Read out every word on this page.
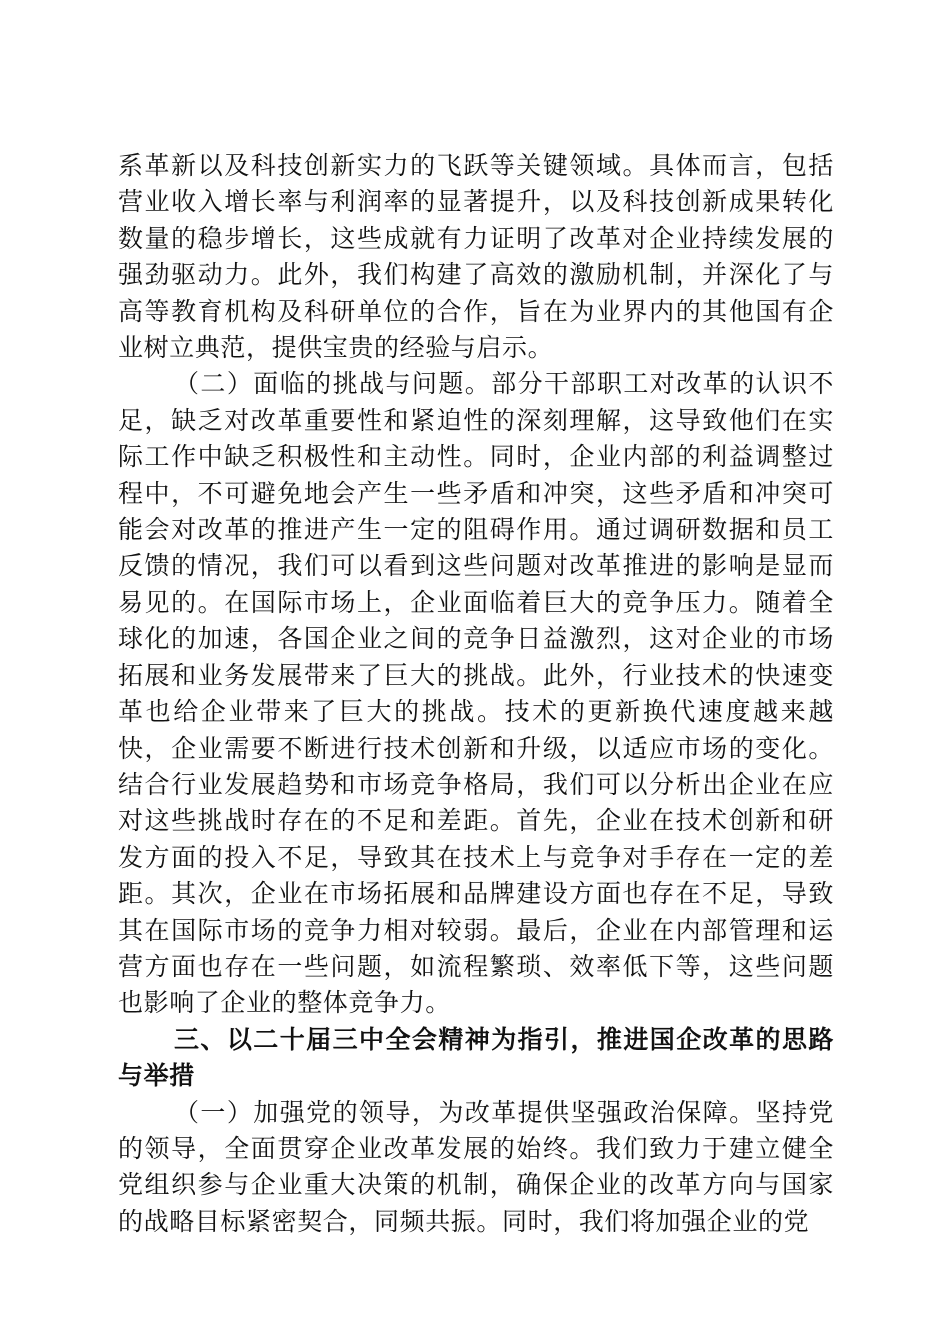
系革新以及科技创新实力的飞跃等关键领域。具体而言，包括营业收入增长率与利润率的显著提升，以及科技创新成果转化数量的稳步增长，这些成就有力证明了改革对企业持续发展的强劲驱动力。此外，我们构建了高效的激励机制，并深化了与高等教育机构及科研单位的合作，旨在为业界内的其他国有企业树立典范，提供宝贵的经验与启示。

（二）面临的挑战与问题。部分干部职工对改革的认识不足，缺乏对改革重要性和紧迫性的深刻理解，这导致他们在实际工作中缺乏积极性和主动性。同时，企业内部的利益调整过程中，不可避免地会产生一些矛盾和冲突，这些矛盾和冲突可能会对改革的推进产生一定的阻碍作用。通过调研数据和员工反馈的情况，我们可以看到这些问题对改革推进的影响是显而易见的。在国际市场上，企业面临着巨大的竞争压力。随着全球化的加速，各国企业之间的竞争日益激烈，这对企业的市场拓展和业务发展带来了巨大的挑战。此外，行业技术的快速变革也给企业带来了巨大的挑战。技术的更新换代速度越来越快，企业需要不断进行技术创新和升级，以适应市场的变化。结合行业发展趋势和市场竞争格局，我们可以分析出企业在应对这些挑战时存在的不足和差距。首先，企业在技术创新和研发方面的投入不足，导致其在技术上与竞争对手存在一定的差距。其次，企业在市场拓展和品牌建设方面也存在不足，导致其在国际市场的竞争力相对较弱。最后，企业在内部管理和运营方面也存在一些问题，如流程繁琐、效率低下等，这些问题也影响了企业的整体竞争力。

三、以二十届三中全会精神为指引，推进国企改革的思路与举措

（一）加强党的领导，为改革提供坚强政治保障。坚持党的领导，全面贯穿企业改革发展的始终。我们致力于建立健全党组织参与企业重大决策的机制，确保企业的改革方向与国家的战略目标紧密契合，同频共振。同时，我们将加强企业的党
